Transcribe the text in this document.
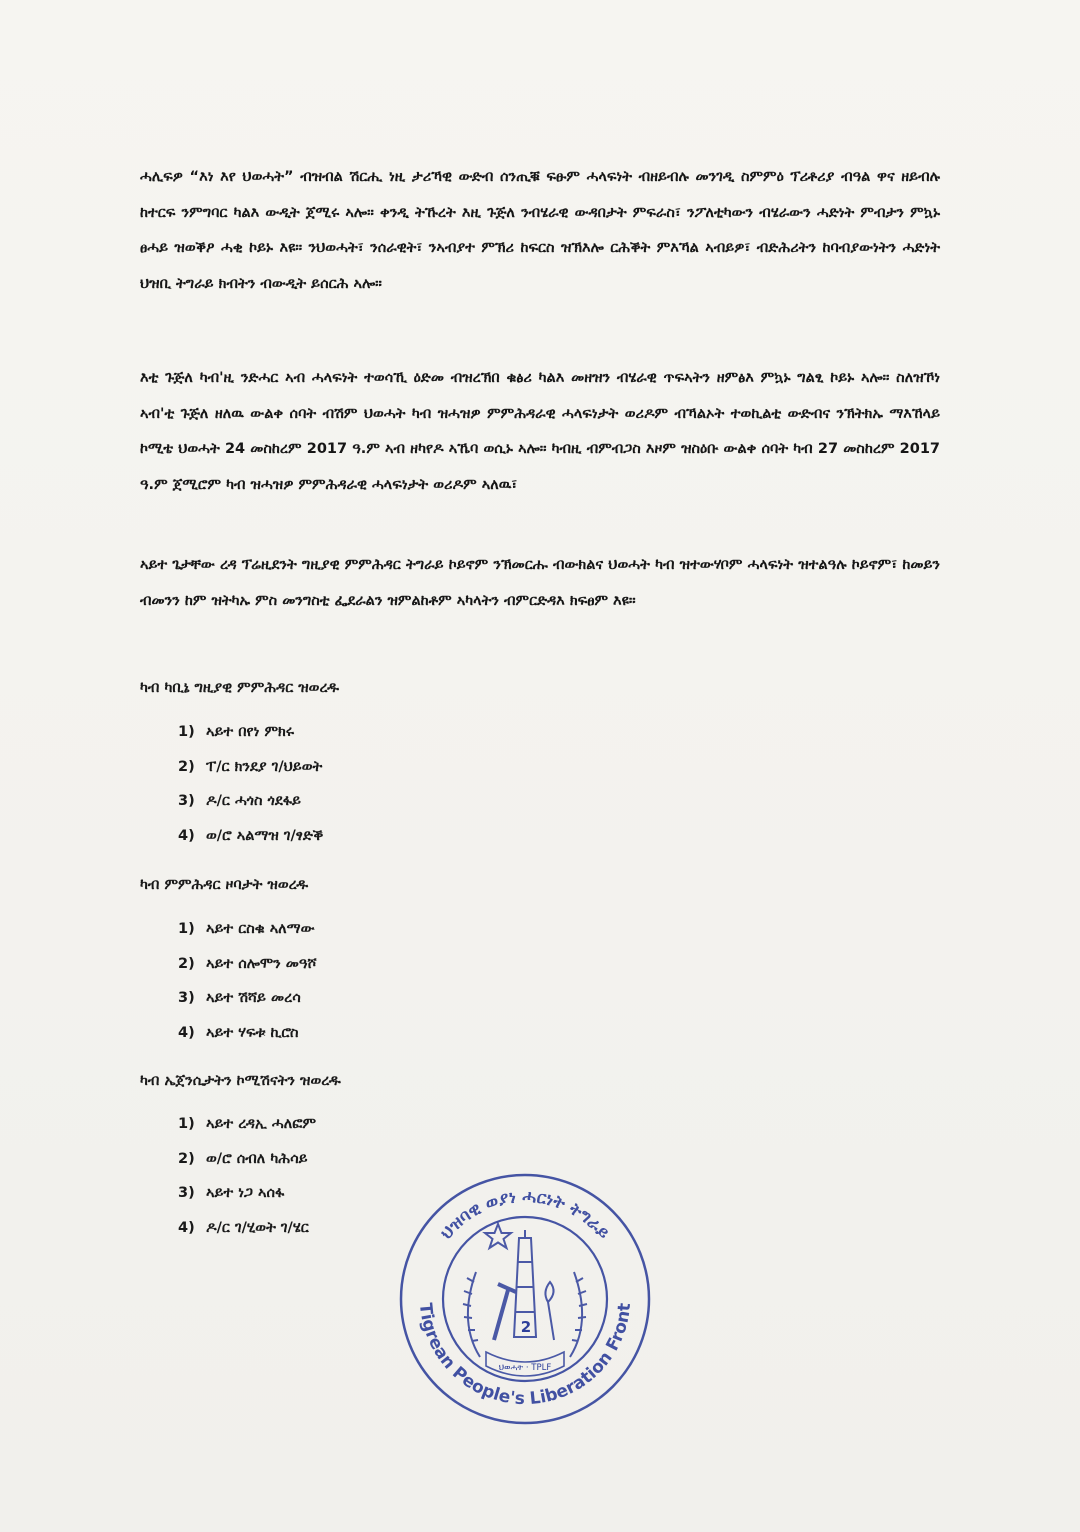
ሓሊፍዎ “እነ እየ ህወሓት” ብዝብል ሽርሒ ነዚ ታሪኻዊ ውድብ ሰንጢቑ ፍፁም ሓላፍነት ብዘይብሉ መንገዲ ስምምዕ ፕሪቶሪያ ብዓል ዋና ዘይብሉ ከተርፍ ንምግባር ካልእ ውዲት ጀሚሩ ኣሎ። ቀንዲ ትኹረት እዚ ጉጅለ ንብሄራዊ ውዳበታት ምፍራስ፣ ንፖለቲካውን ብሄራውን ሓድነት ምብታን ምኳኑ ፀሓይ ዝወቕዖ ሓቂ ኮይኑ እዩ። ንህወሓት፣ ንሰራዊት፣ ንኣብያተ ምኽሪ ከፍርስ ዝኽእሎ ርሕቕት ምእኻል ኣብይዎ፣ ብድሕሪትን ከባብያውነትን ሓድነት ህዝቢ ትግራይ ክብትን ብውዲት ይሰርሕ ኣሎ።

እቲ ጉጅለ ካብ'ዚ ንድሓር ኣብ ሓላፍነት ተወሳኺ ዕድመ ብዝረኽበ ቁፅሪ ካልእ መዘዝን ብሄራዊ ጥፍኣትን ዘምፅእ ምኳኑ ግልፂ ኮይኑ ኣሎ። ስለዝኾነ ኣብ'ቲ ጉጅለ ዘለዉ ውልቀ ሰባት ብሽም ህወሓት ካብ ዝሓዝዎ ምምሕዳራዊ ሓላፍነታት ወሪዶም ብኻልኦት ተወኪልቲ ውድብና ንኽትክኡ ማእኸላይ ኮሚቴ ህወሓት 24 መስከረም 2017 ዓ.ም ኣብ ዘካየዶ ኣኼባ ወሲኑ ኣሎ። ካብዚ ብምብጋስ እዞም ዝስዕቡ ውልቀ ሰባት ካብ 27 መስከረም 2017 ዓ.ም ጀሚሮም ካብ ዝሓዝዎ ምምሕዳራዊ ሓላፍነታት ወሪዶም ኣለዉ፣

ኣይተ ጌታቸው ረዳ ፕሬዚደንት ግዚያዊ ምምሕዳር ትግራይ ኮይኖም ንኽመርሑ ብውክልና ህወሓት ካብ ዝተውሃቦም ሓላፍነት ዝተልዓሉ ኮይኖም፣ ከመይን ብመንን ከም ዝትካኡ ምስ መንግስቲ ፌደራልን ዝምልከቶም ኣካላትን ብምርድዳእ ክፍፀም እዩ።

ካብ ካቢኔ ግዚያዊ ምምሕዳር ዝወረዱ

1) ኣይተ በየነ ምክሩ
2) ፐ/ር ክንደያ ገ/ህይወት
3) ዶ/ር ሓጎስ ጎደፋይ
4) ወ/ሮ ኣልማዝ ገ/ፃድቕ

ካብ ምምሕዳር ዞባታት ዝወረዱ

1) ኣይተ ርስቁ ኣለማው
2) ኣይተ ሰሎሞን መዓሾ
3) ኣይተ ሽሻይ መረሳ
4) ኣይተ ሃፍቱ ኪሮስ

ካብ ኤጀንሲታትን ኮሚሽናትን ዝወረዱ

1) ኣይተ ረዳኢ ሓለፎም
2) ወ/ሮ ሰብለ ካሕሳይ
3) ኣይተ ነጋ ኣሰፋ
4) ዶ/ር ገ/ሂወት ገ/ሄር	ህዝባዊ ወያነ ሓርነት ትግራይ
Tigrean People's Liberation Front
2
ህወሓት · TPLF
